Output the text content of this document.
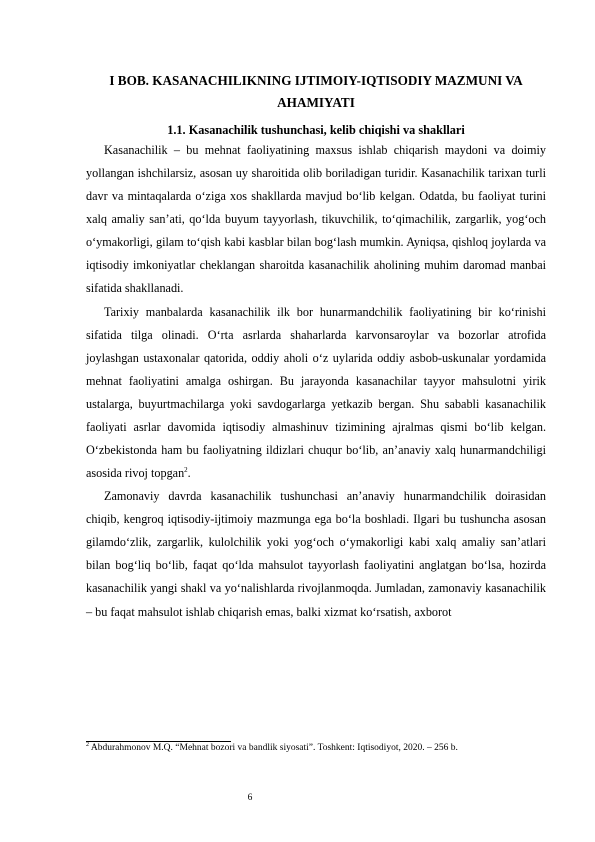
I BOB. KASANACHILIKNING IJTIMOIY-IQTISODIY MAZMUNI VA
AHAMIYATI
1.1. Kasanachilik tushunchasi, kelib chiqishi va shakllari

Kasanachilik – bu mehnat faoliyatining maxsus ishlab chiqarish maydoni va doimiy yollangan ishchilarsiz, asosan uy sharoitida olib boriladigan turidir. Kasanachilik tarixan turli davr va mintaqalarda o‘ziga xos shakllarda mavjud bo‘lib kelgan. Odatda, bu faoliyat turini xalq amaliy san’ati, qo‘lda buyum tayyorlash, tikuvchilik, to‘qimachilik, zargarlik, yog‘och o‘ymakorligi, gilam to‘qish kabi kasblar bilan bog‘lash mumkin. Ayniqsa, qishloq joylarda va iqtisodiy imkoniyatlar cheklangan sharoitda kasanachilik aholining muhim daromad manbai sifatida shakllanadi.

Tarixiy manbalarda kasanachilik ilk bor hunarmandchilik faoliyatining bir ko‘rinishi sifatida tilga olinadi. O‘rta asrlarda shaharlarda karvonsaroylar va bozorlar atrofida joylashgan ustaxonalar qatorida, oddiy aholi o‘z uylarida oddiy asbob-uskunalar yordamida mehnat faoliyatini amalga oshirgan. Bu jarayonda kasanachilar tayyor mahsulotni yirik ustalarga, buyurtmachilarga yoki savdogarlarga yetkazib bergan. Shu sababli kasanachilik faoliyati asrlar davomida iqtisodiy almashinuv tizimining ajralmas qismi bo‘lib kelgan. O‘zbekistonda ham bu faoliyatning ildizlari chuqur bo‘lib, an’anaviy xalq hunarmandchiligi asosida rivoj topgan$^2$.

Zamonaviy davrda kasanachilik tushunchasi an’anaviy hunarmandchilik doirasidan chiqib, kengroq iqtisodiy-ijtimoiy mazmunga ega bo‘la boshladi. Ilgari bu tushuncha asosan gilamdo‘zlik, zargarlik, kulolchilik yoki yog‘och o‘ymakorligi kabi xalq amaliy san’atlari bilan bog‘liq bo‘lib, faqat qo‘lda mahsulot tayyorlash faoliyatini anglatgan bo‘lsa, hozirda kasanachilik yangi shakl va yo‘nalishlarda rivojlanmoqda. Jumladan, zamonaviy kasanachilik – bu faqat mahsulot ishlab chiqarish emas, balki xizmat ko‘rsatish, axborot

$^2$ Abdurahmonov M.Q. “Mehnat bozori va bandlik siyosati”. Toshkent: Iqtisodiyot, 2020. – 256 b.
6
